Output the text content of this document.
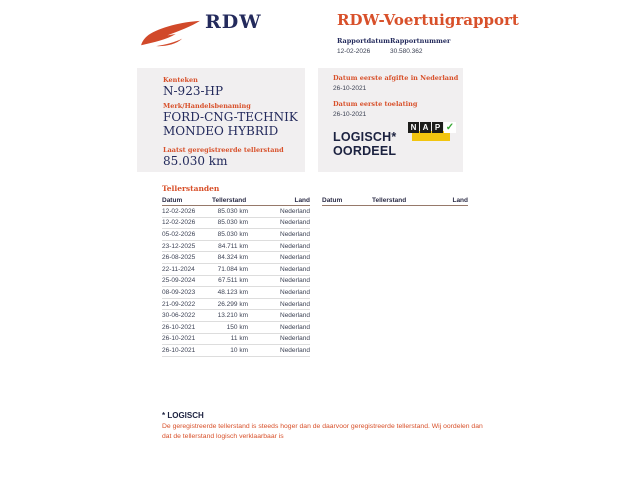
RDW	RDW-Voertuigrapport
Rapportdatum
12-02-2026
Rapportnummer
30.580.362
Kenteken
N-923-HP
Merk/Handelsbenaming
FORD-CNG-TECHNIK
MONDEO HYBRID
Laatst geregistreerde tellerstand
85.030 km
Datum eerste afgifte in Nederland
26-10-2021
Datum eerste toelating
26-10-2021
LOGISCH*
OORDEEL
N A P ✓
Tellerstanden
Datum	Tellerstand	Land
12-02-2026	85.030 km	Nederland
12-02-2026	85.030 km	Nederland
05-02-2026	85.030 km	Nederland
23-12-2025	84.711 km	Nederland
26-08-2025	84.324 km	Nederland
22-11-2024	71.084 km	Nederland
25-09-2024	67.511 km	Nederland
08-09-2023	48.123 km	Nederland
21-09-2022	26.299 km	Nederland
30-06-2022	13.210 km	Nederland
26-10-2021	150 km	Nederland
26-10-2021	11 km	Nederland
26-10-2021	10 km	Nederland
Datum	Tellerstand	Land
* LOGISCH
De geregistreerde tellerstand is steeds hoger dan de daarvoor geregistreerde tellerstand. Wij oordelen dan dat de tellerstand logisch verklaarbaar is
